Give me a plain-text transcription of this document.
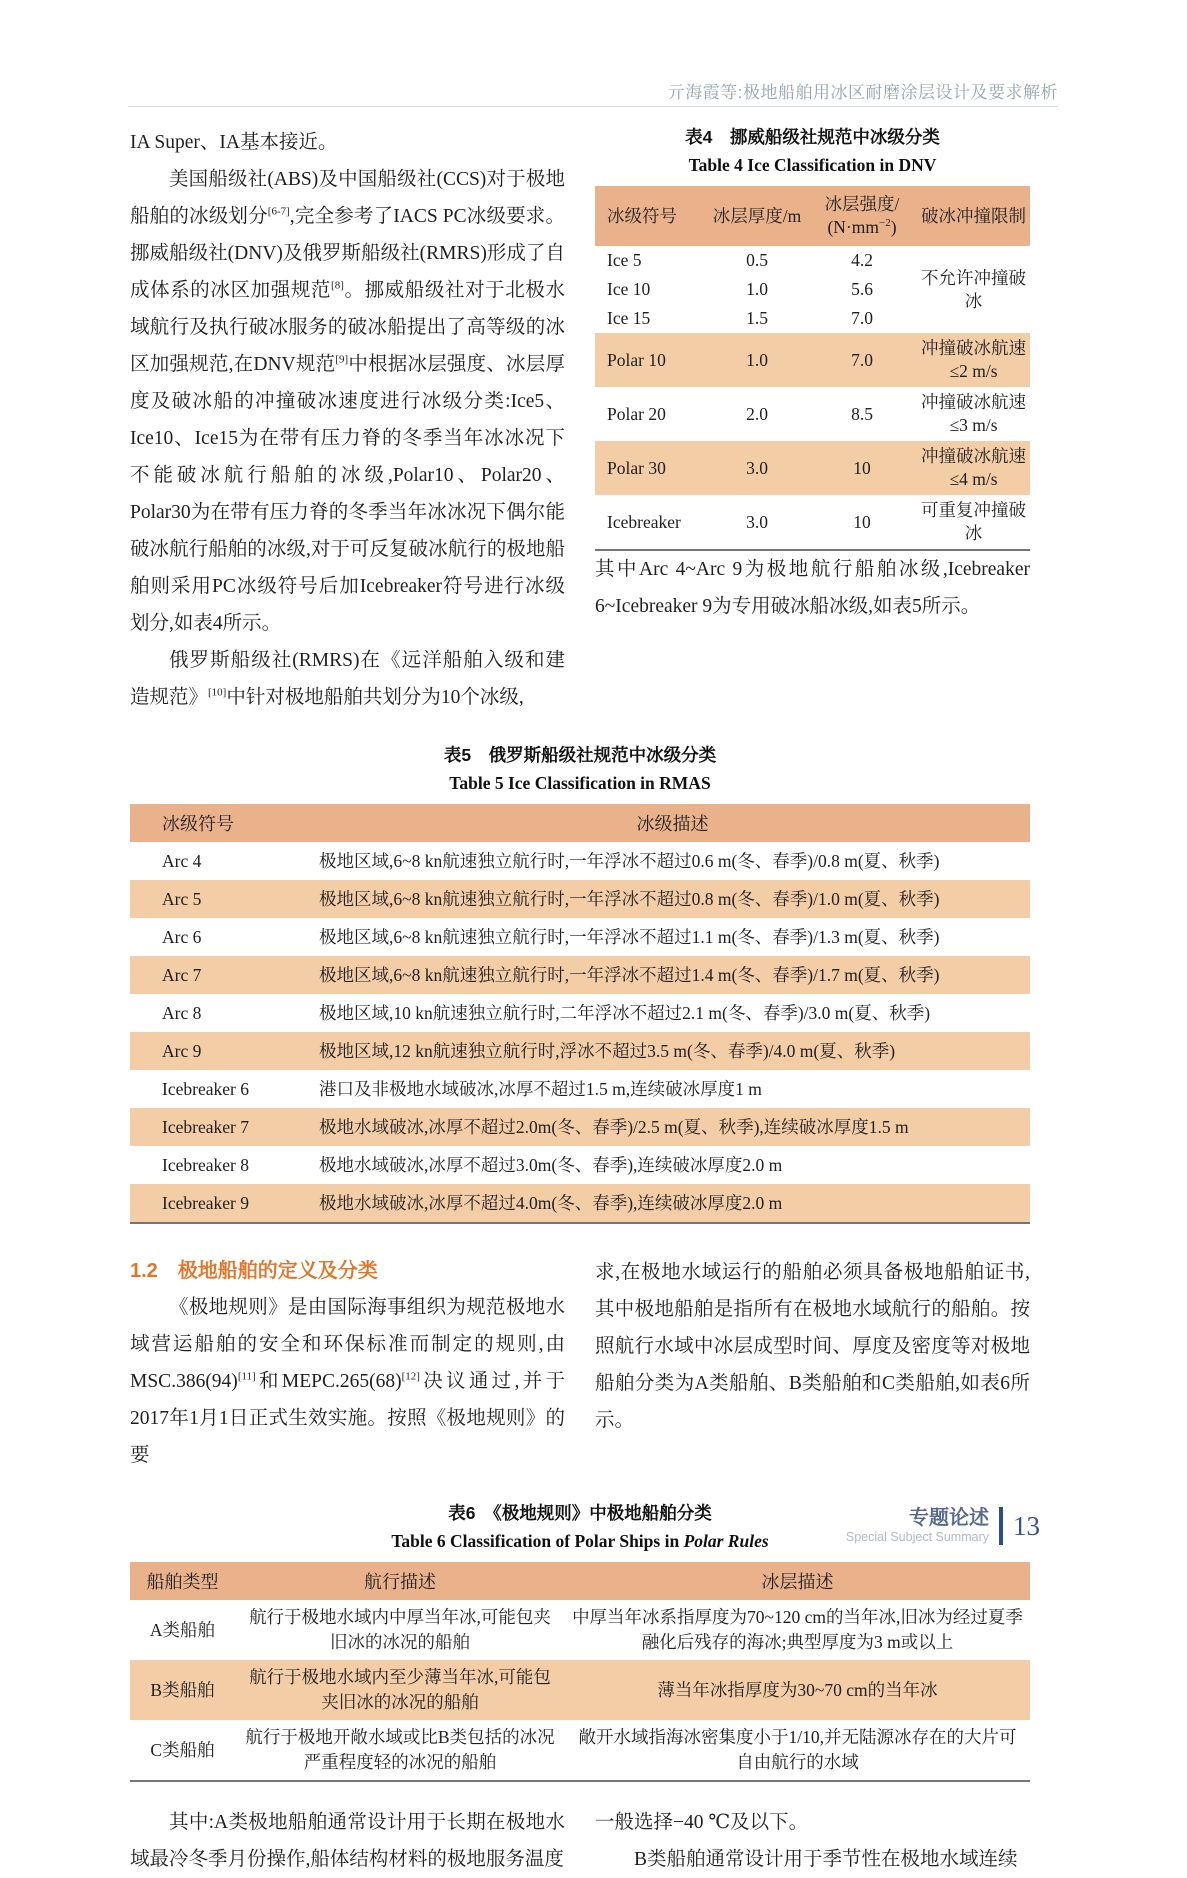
亓海霞等:极地船舶用冰区耐磨涂层设计及要求解析

IA Super、IA基本接近。

美国船级社(ABS)及中国船级社(CCS)对于极地船舶的冰级划分[6-7],完全参考了IACS PC冰级要求。挪威船级社(DNV)及俄罗斯船级社(RMRS)形成了自成体系的冰区加强规范[8]。挪威船级社对于北极水域航行及执行破冰服务的破冰船提出了高等级的冰区加强规范,在DNV规范[9]中根据冰层强度、冰层厚度及破冰船的冲撞破冰速度进行冰级分类:Ice5、Ice10、Ice15为在带有压力脊的冬季当年冰冰况下不能破冰航行船舶的冰级,Polar10、Polar20、Polar30为在带有压力脊的冬季当年冰冰况下偶尔能破冰航行船舶的冰级,对于可反复破冰航行的极地船舶则采用PC冰级符号后加Icebreaker符号进行冰级划分,如表4所示。

俄罗斯船级社(RMRS)在《远洋船舶入级和建造规范》[10]中针对极地船舶共划分为10个冰级,

表4　挪威船级社规范中冰级分类
Table 4 Ice Classification in DNV
冰级符号	冰层厚度/m	冰层强度/
$(N\cdot mm^{-2})$	破冰冲撞限制
Ice 5	0.5	4.2	不允许冲撞破冰
Ice 10	1.0	5.6	
Ice 15	1.5	7.0	
Polar 10	1.0	7.0	冲撞破冰航速 ≤2 m/s
Polar 20	2.0	8.5	冲撞破冰航速 ≤3 m/s
Polar 30	3.0	10	冲撞破冰航速 ≤4 m/s
Icebreaker	3.0	10	可重复冲撞破冰

其中Arc 4~Arc 9为极地航行船舶冰级,Icebreaker 6~Icebreaker 9为专用破冰船冰级,如表5所示。

表5　俄罗斯船级社规范中冰级分类
Table 5 Ice Classification in RMAS
冰级符号	冰级描述
Arc 4	极地区域,6~8 kn航速独立航行时,一年浮冰不超过0.6 m(冬、春季)/0.8 m(夏、秋季)
Arc 5	极地区域,6~8 kn航速独立航行时,一年浮冰不超过0.8 m(冬、春季)/1.0 m(夏、秋季)
Arc 6	极地区域,6~8 kn航速独立航行时,一年浮冰不超过1.1 m(冬、春季)/1.3 m(夏、秋季)
Arc 7	极地区域,6~8 kn航速独立航行时,一年浮冰不超过1.4 m(冬、春季)/1.7 m(夏、秋季)
Arc 8	极地区域,10 kn航速独立航行时,二年浮冰不超过2.1 m(冬、春季)/3.0 m(夏、秋季)
Arc 9	极地区域,12 kn航速独立航行时,浮冰不超过3.5 m(冬、春季)/4.0 m(夏、秋季)
Icebreaker 6	港口及非极地水域破冰,冰厚不超过1.5 m,连续破冰厚度1 m
Icebreaker 7	极地水域破冰,冰厚不超过2.0m(冬、春季)/2.5 m(夏、秋季),连续破冰厚度1.5 m
Icebreaker 8	极地水域破冰,冰厚不超过3.0m(冬、春季),连续破冰厚度2.0 m
Icebreaker 9	极地水域破冰,冰厚不超过4.0m(冬、春季),连续破冰厚度2.0 m
1.2　极地船舶的定义及分类

《极地规则》是由国际海事组织为规范极地水域营运船舶的安全和环保标准而制定的规则,由MSC.386(94)[11]和MEPC.265(68)[12]决议通过,并于2017年1月1日正式生效实施。按照《极地规则》的要

求,在极地水域运行的船舶必须具备极地船舶证书,其中极地船舶是指所有在极地水域航行的船舶。按照航行水域中冰层成型时间、厚度及密度等对极地船舶分类为A类船舶、B类船舶和C类船舶,如表6所示。

表6　《极地规则》中极地船舶分类
Table 6 Classification of Polar Ships in Polar Rules
船舶类型	航行描述	冰层描述
A类船舶	航行于极地水域内中厚当年冰,可能包夹旧冰的冰况的船舶	中厚当年冰系指厚度为70~120 cm的当年冰,旧冰为经过夏季融化后残存的海冰;典型厚度为3 m或以上
B类船舶	航行于极地水域内至少薄当年冰,可能包夹旧冰的冰况的船舶	薄当年冰指厚度为30~70 cm的当年冰
C类船舶	航行于极地开敞水域或比B类包括的冰况严重程度轻的冰况的船舶	敞开水域指海冰密集度小于1/10,并无陆源冰存在的大片可自由航行的水域

其中:A类极地船舶通常设计用于长期在极地水域最冷冬季月份操作,船体结构材料的极地服务温度

一般选择−40 ℃及以下。

B类船舶通常设计用于季节性在极地水域连续

专题论述
Special Subject Summary 13
